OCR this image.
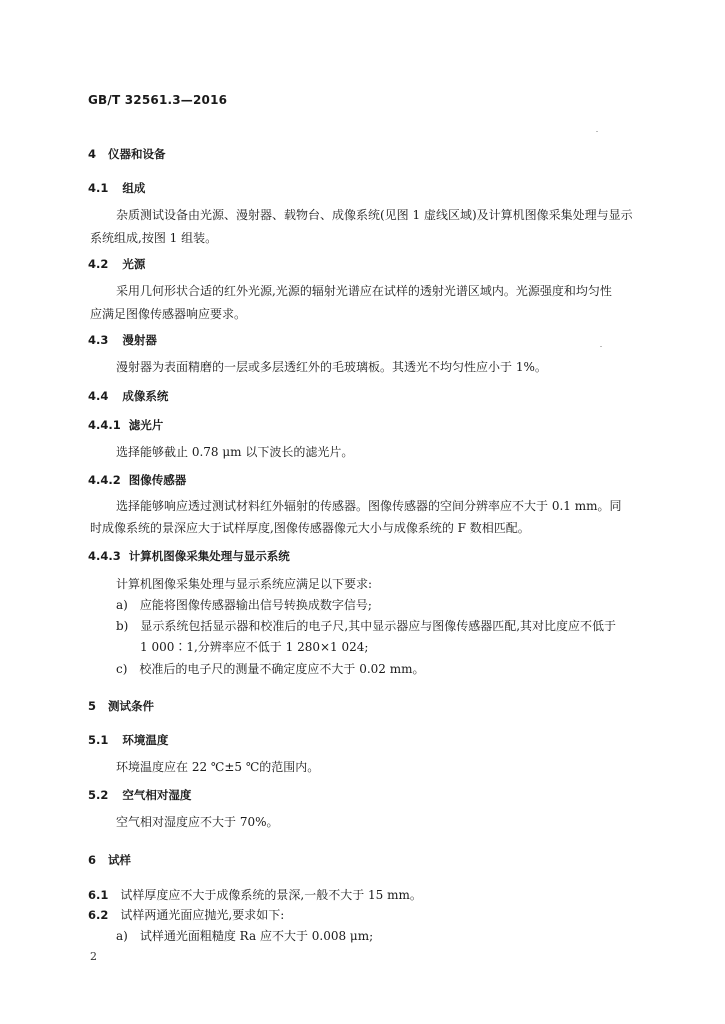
GB/T 32561.3—2016
4 仪器和设备
4.1 组成
杂质测试设备由光源、漫射器、载物台、成像系统(见图 1 虚线区域)及计算机图像采集处理与显示
系统组成,按图 1 组装。
4.2 光源
采用几何形状合适的红外光源,光源的辐射光谱应在试样的透射光谱区域内。光源强度和均匀性
应满足图像传感器响应要求。
4.3 漫射器
漫射器为表面精磨的一层或多层透红外的毛玻璃板。其透光不均匀性应小于 1%。
4.4 成像系统
4.4.1 滤光片
选择能够截止 0.78 μm 以下波长的滤光片。
4.4.2 图像传感器
选择能够响应透过测试材料红外辐射的传感器。图像传感器的空间分辨率应不大于 0.1 mm。同
时成像系统的景深应大于试样厚度,图像传感器像元大小与成像系统的 F 数相匹配。
4.4.3 计算机图像采集处理与显示系统
计算机图像采集处理与显示系统应满足以下要求:
a) 应能将图像传感器输出信号转换成数字信号;
b) 显示系统包括显示器和校准后的电子尺,其中显示器应与图像传感器匹配,其对比度应不低于
1 000∶1,分辨率应不低于 1 280×1 024;
c) 校准后的电子尺的测量不确定度应不大于 0.02 mm。
5 测试条件
5.1 环境温度
环境温度应在 22 ℃±5 ℃的范围内。
5.2 空气相对湿度
空气相对湿度应不大于 70%。
6 试样
6.1 试样厚度应不大于成像系统的景深,一般不大于 15 mm。
6.2 试样两通光面应抛光,要求如下:
a) 试样通光面粗糙度 Ra 应不大于 0.008 μm;
2
